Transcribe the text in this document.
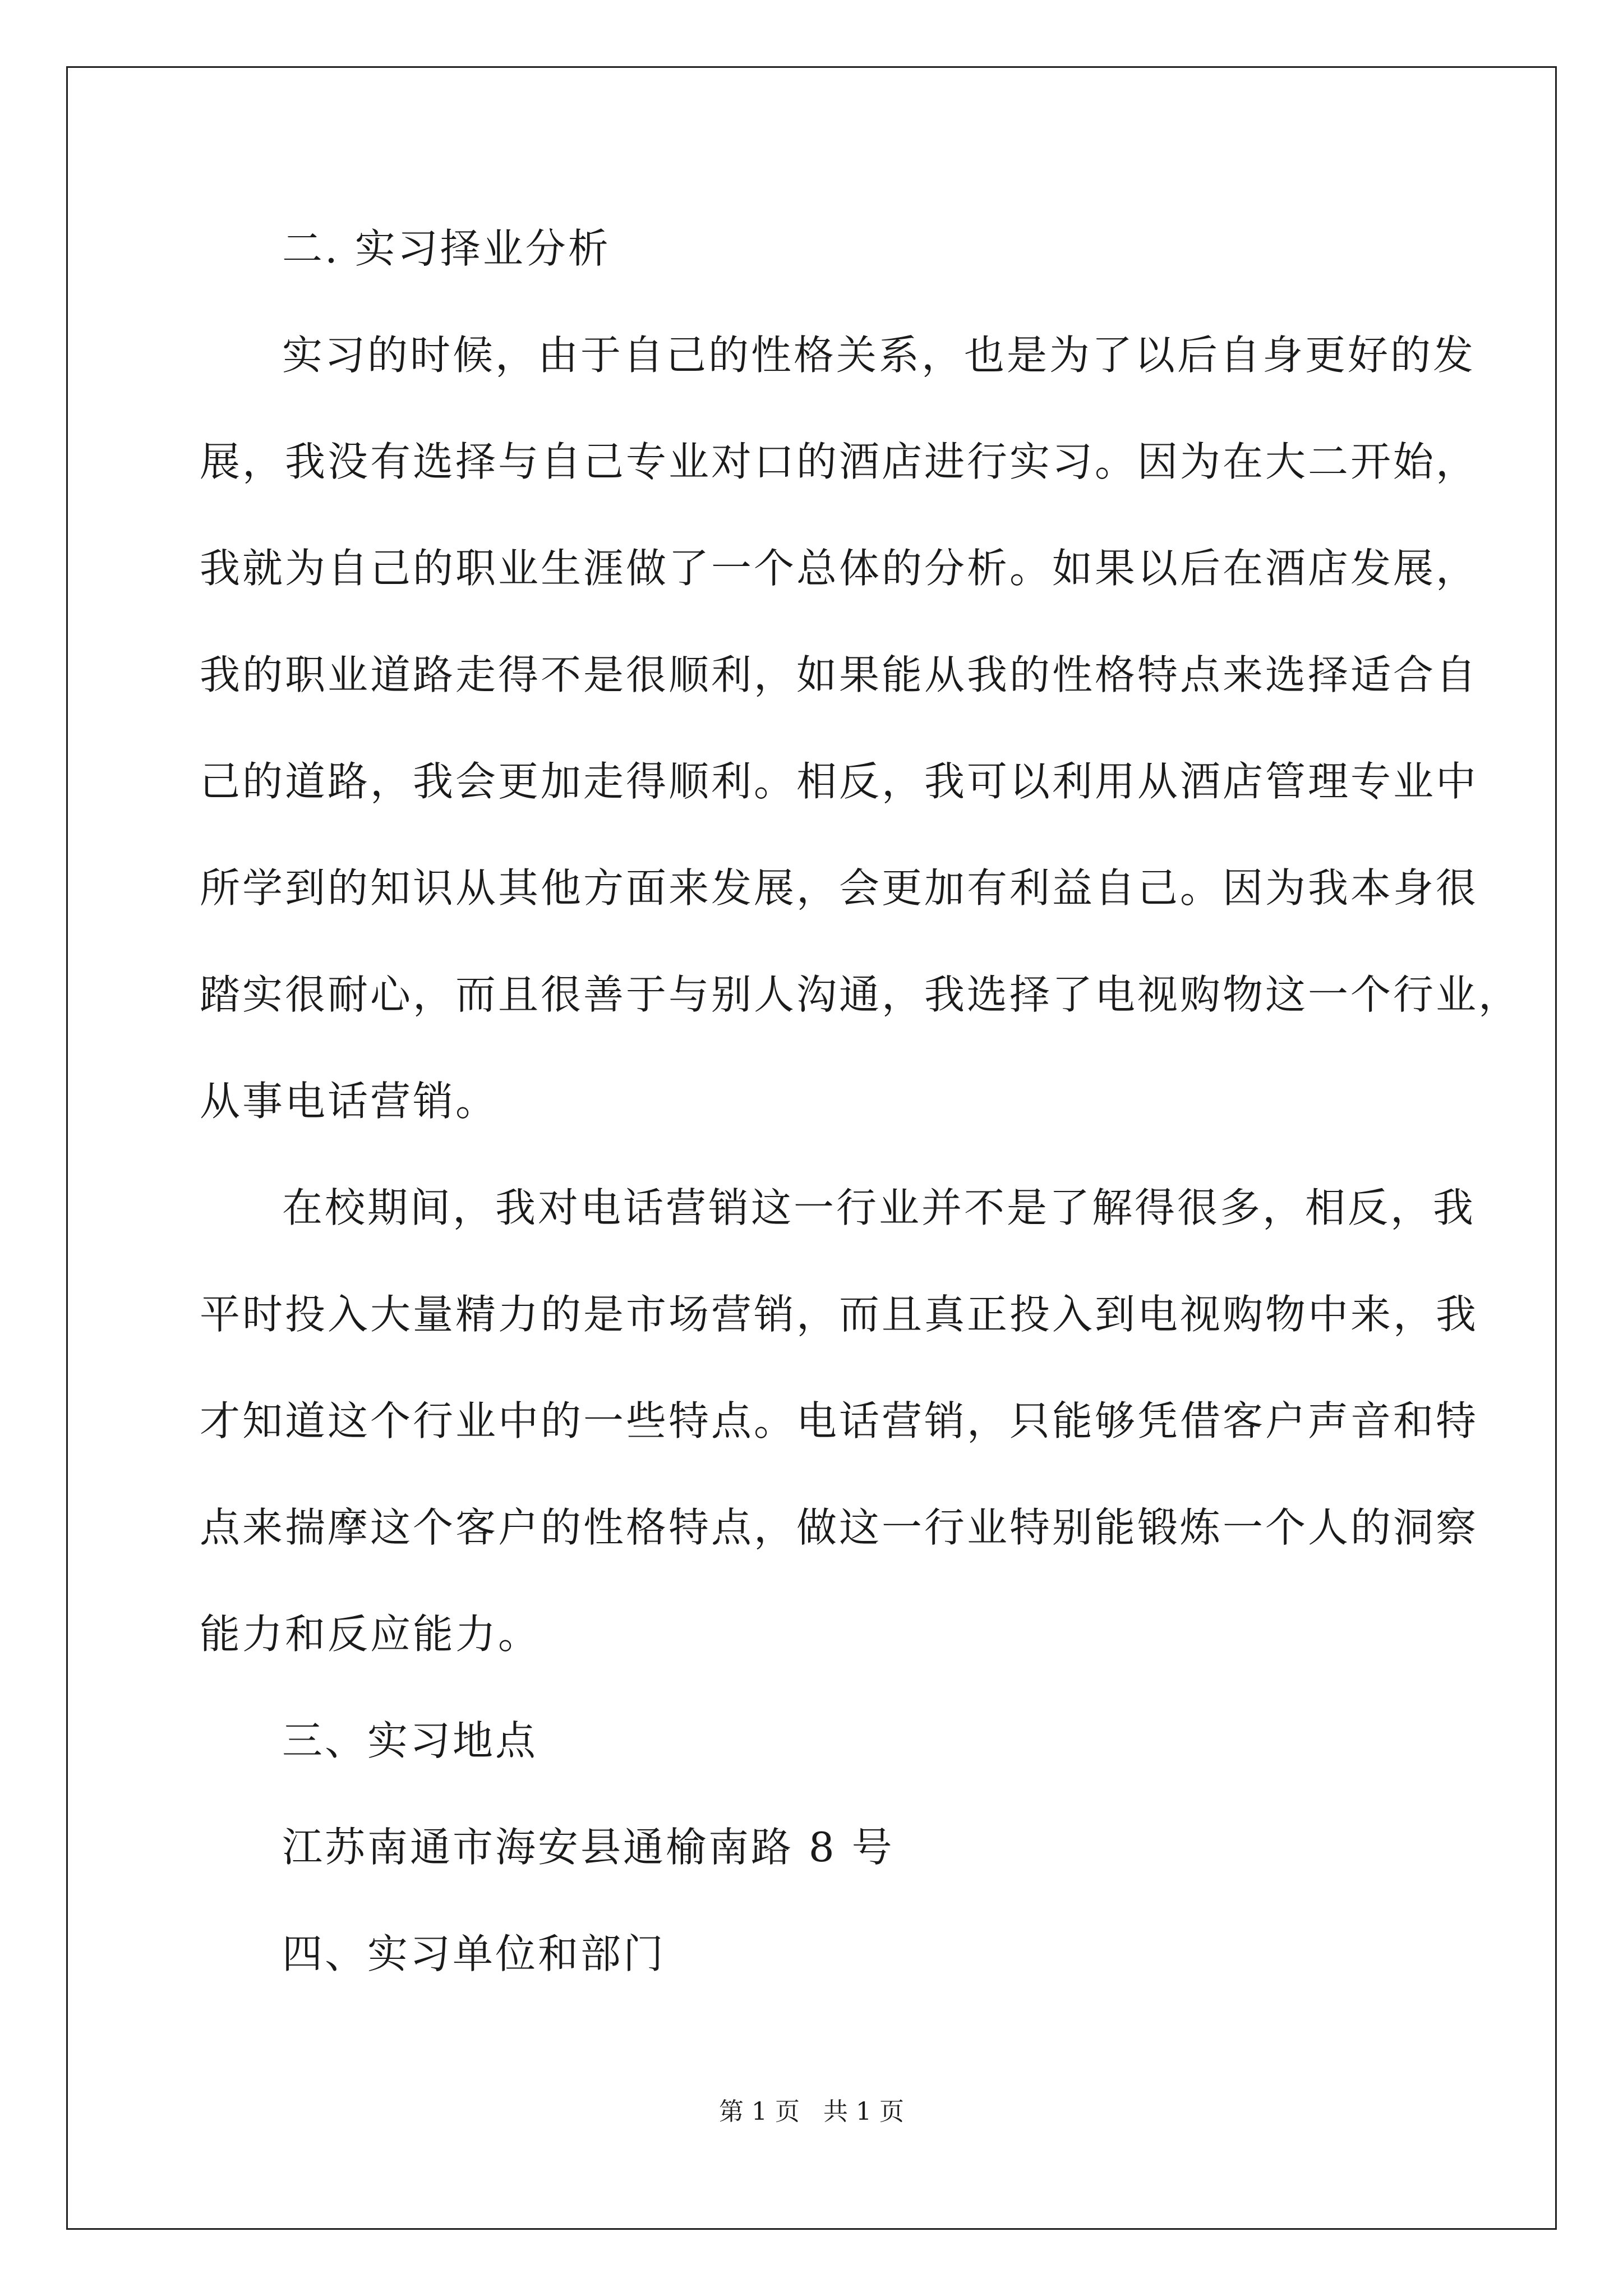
二. 实习择业分析

实习的时候，由于自己的性格关系，也是为了以后自身更好的发

展，我没有选择与自己专业对口的酒店进行实习。因为在大二开始，

我就为自己的职业生涯做了一个总体的分析。如果以后在酒店发展，

我的职业道路走得不是很顺利，如果能从我的性格特点来选择适合自

己的道路，我会更加走得顺利。相反，我可以利用从酒店管理专业中

所学到的知识从其他方面来发展，会更加有利益自己。因为我本身很

踏实很耐心，而且很善于与别人沟通，我选择了电视购物这一个行业，

从事电话营销。

在校期间，我对电话营销这一行业并不是了解得很多，相反，我

平时投入大量精力的是市场营销，而且真正投入到电视购物中来，我

才知道这个行业中的一些特点。电话营销，只能够凭借客户声音和特

点来揣摩这个客户的性格特点，做这一行业特别能锻炼一个人的洞察

能力和反应能力。

三、实习地点

江苏南通市海安县通榆南路 8 号

四、实习单位和部门

第 1 页   共 1 页
